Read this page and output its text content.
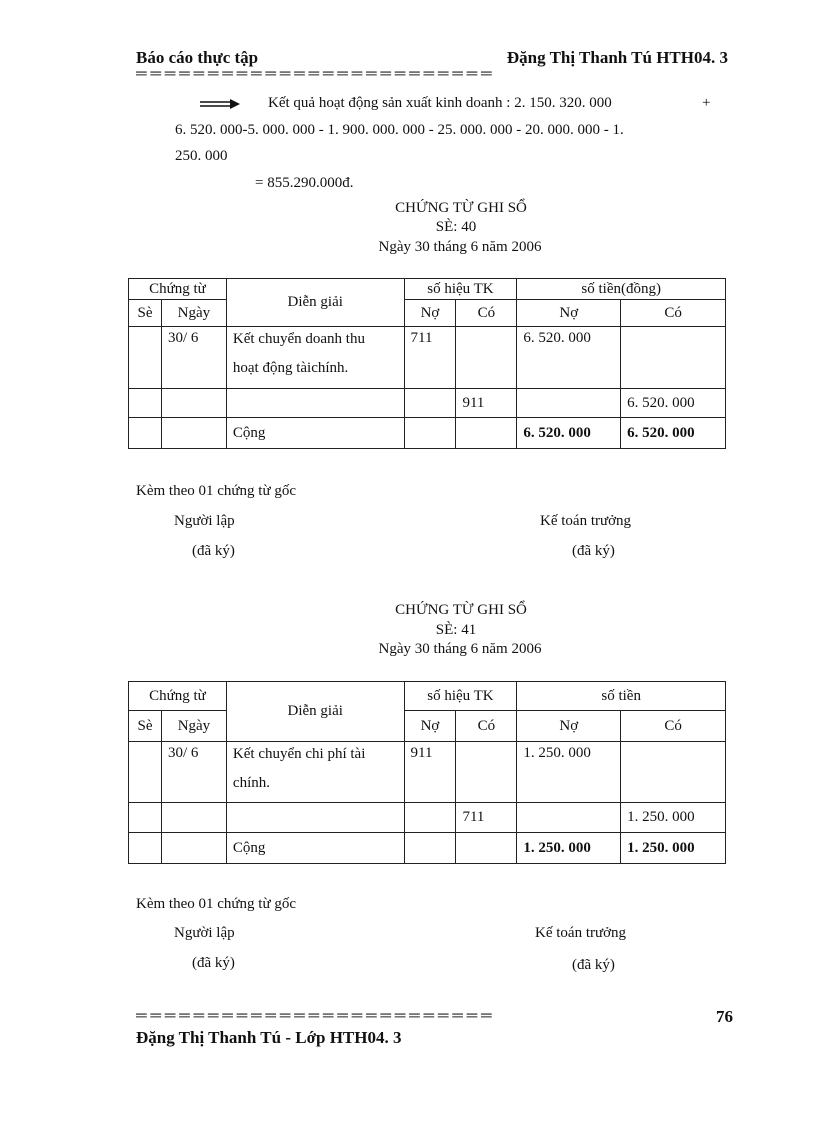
Báo cáo thực tập	Đặng Thị Thanh Tú HTH04. 3
═ ═ ═ ═ ═ ═ ═ ═ ═ ═ ═ ═ ═ ═ ═ ═ ═ ═ ═ ═ ═ ═ ═ ═ ═
Kết quả hoạt động sản xuất kinh doanh : 2. 150. 320. 000	+
6. 520. 000-5. 000. 000 - 1. 900. 000. 000 - 25. 000. 000 - 20. 000. 000 - 1.
250. 000
= 855.290.000đ.
CHỨNG TỪ GHI SỔ
SÈ: 40
Ngày 30 tháng 6 năm 2006
Chứng từ		Diễn giải	số hiệu TK		số tiền(đồng)	
Sè	Ngày		Nợ	Có	Nợ	Có
	30/ 6	Kết chuyển doanh thu
hoạt động tàichính.	711		6. 520. 000	
				911		6. 520. 000
		Cộng			6. 520. 000	6. 520. 000
Kèm theo 01 chứng từ gốc
Người lập
(đã ký)
Kế toán trưởng
(đã ký)
CHỨNG TỪ GHI SỔ
SÈ: 41
Ngày 30 tháng 6 năm 2006
Chứng từ		Diễn giải	số hiệu TK		số tiền	
Sè	Ngày		Nợ	Có	Nợ	Có
	30/ 6	Kết chuyển chi phí tài
chính.	911		1. 250. 000	
				711		1. 250. 000
		Cộng			1. 250. 000	1. 250. 000
Kèm theo 01 chứng từ gốc
Người lập
(đã ký)
Kế toán trưởng
(đã ký)
═ ═ ═ ═ ═ ═ ═ ═ ═ ═ ═ ═ ═ ═ ═ ═ ═ ═ ═ ═ ═ ═ ═ ═ ═	76
Đặng Thị Thanh Tú - Lớp HTH04. 3
